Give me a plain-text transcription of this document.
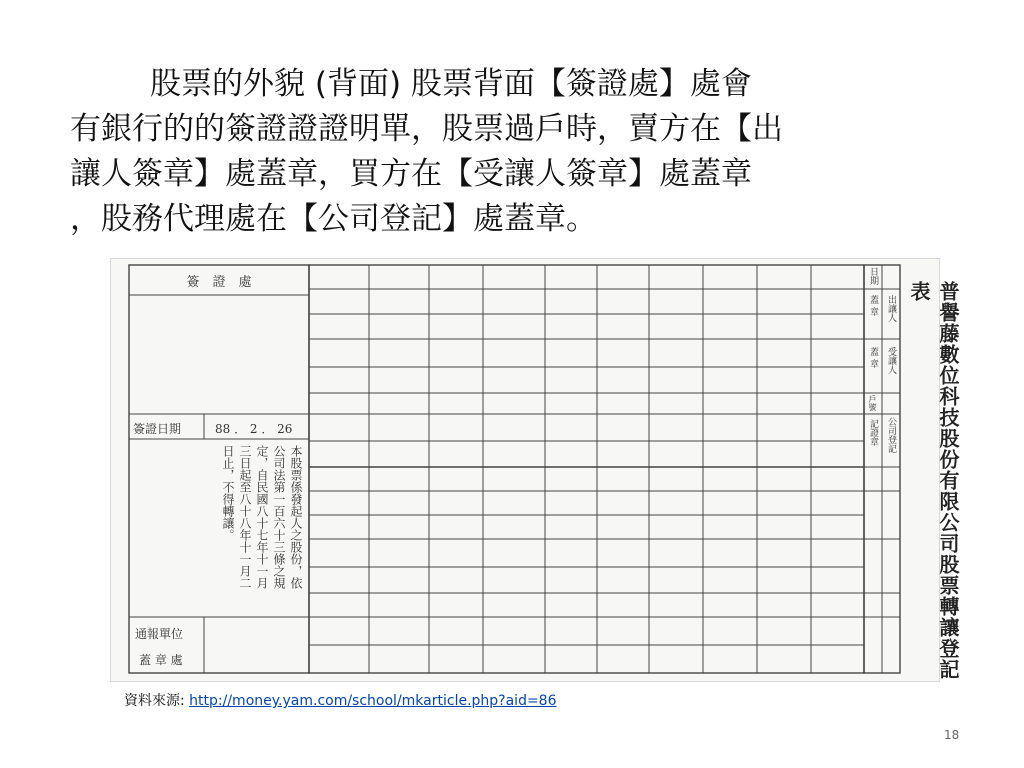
股票的外貌 (背面) 股票背面【簽證處】處會
有銀行的的簽證證證明單，股票過戶時，賣方在【出
讓人簽章】處蓋章，買方在【受讓人簽章】處蓋章
，股務代理處在【公司登記】處蓋章。
簽　證　處
簽證日期	88 ． 2 ． 26
本股票係發起人之股份，依
公司法第一百六十三條之規
定，自民國八十七年十一月
三日起至八十八年十一月二
日止，不得轉讓。
通報單位
蓋 章 處
日期
蓋 章 出讓人
蓋 章 受讓人
戶號
公司登記
記證章	普譽藤數位科技股份有限公司股票轉讓登記表
資料來源: http://money.yam.com/school/mkarticle.php?aid=86
18
